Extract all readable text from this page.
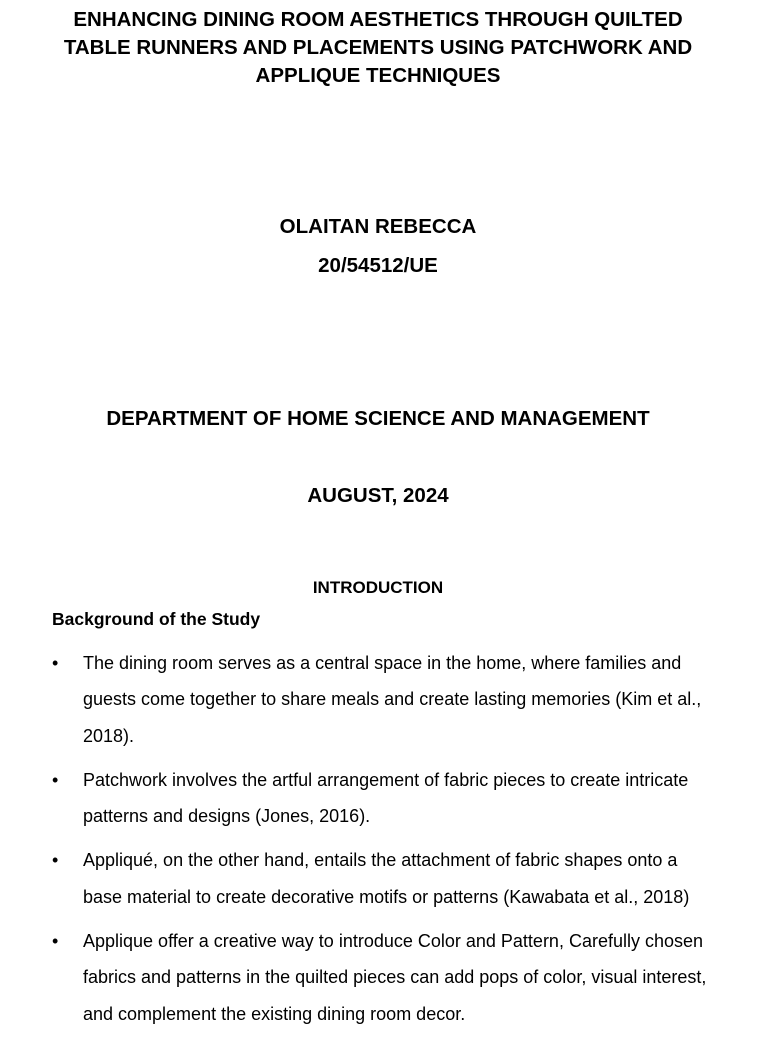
ENHANCING DINING ROOM AESTHETICS THROUGH QUILTED TABLE RUNNERS AND PLACEMENTS USING PATCHWORK AND APPLIQUE TECHNIQUES

OLAITAN REBECCA

20/54512/UE

DEPARTMENT OF HOME SCIENCE AND MANAGEMENT

AUGUST, 2024

INTRODUCTION

Background of the Study

• The dining room serves as a central space in the home, where families and guests come together to share meals and create lasting memories (Kim et al., 2018).
• Patchwork involves the artful arrangement of fabric pieces to create intricate patterns and designs (Jones, 2016).
• Appliqué, on the other hand, entails the attachment of fabric shapes onto a base material to create decorative motifs or patterns (Kawabata et al., 2018)
• Applique offer a creative way to introduce Color and Pattern, Carefully chosen fabrics and patterns in the quilted pieces can add pops of color, visual interest, and complement the existing dining room decor.
